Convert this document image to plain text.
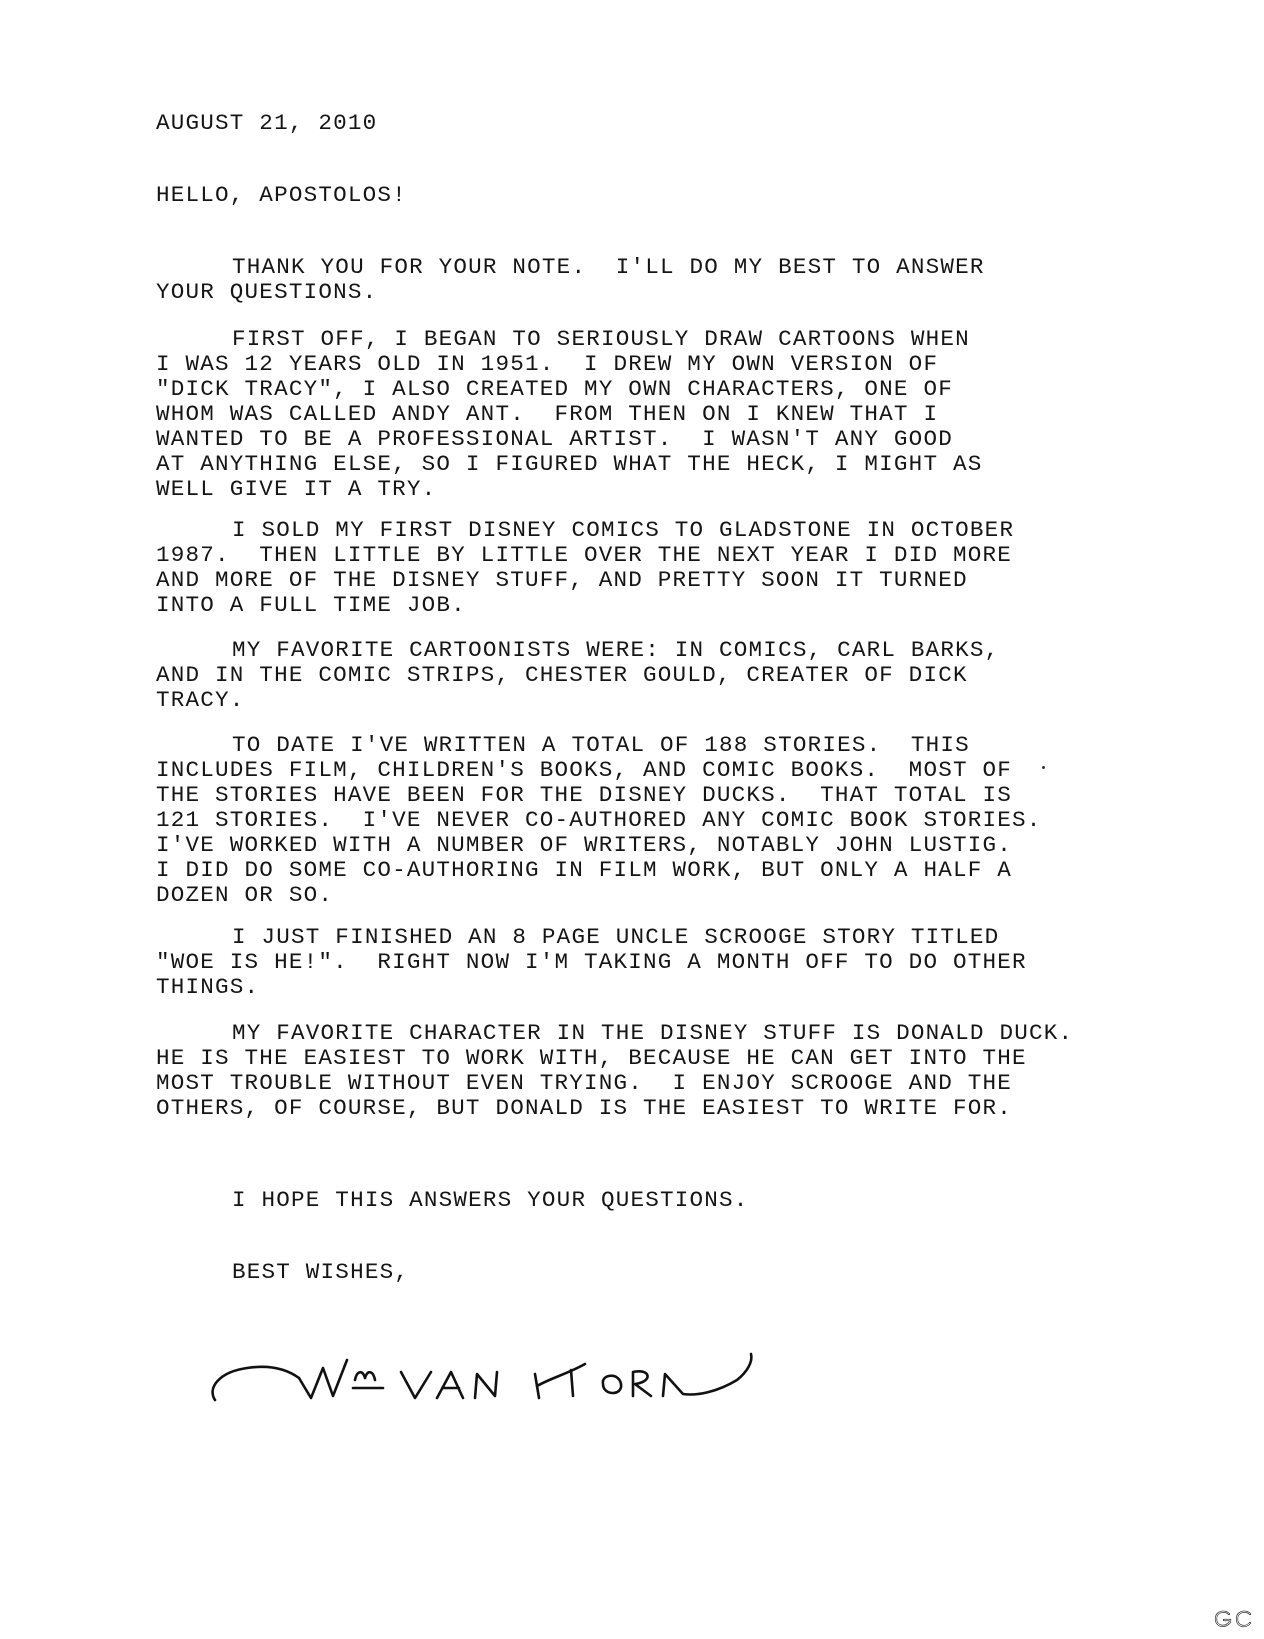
AUGUST 21, 2010

HELLO, APOSTOLOS!

THANK YOU FOR YOUR NOTE.  I'LL DO MY BEST TO ANSWER
YOUR QUESTIONS.
FIRST OFF, I BEGAN TO SERIOUSLY DRAW CARTOONS WHEN
I WAS 12 YEARS OLD IN 1951.  I DREW MY OWN VERSION OF
"DICK TRACY", I ALSO CREATED MY OWN CHARACTERS, ONE OF
WHOM WAS CALLED ANDY ANT.  FROM THEN ON I KNEW THAT I
WANTED TO BE A PROFESSIONAL ARTIST.  I WASN'T ANY GOOD
AT ANYTHING ELSE, SO I FIGURED WHAT THE HECK, I MIGHT AS
WELL GIVE IT A TRY.
I SOLD MY FIRST DISNEY COMICS TO GLADSTONE IN OCTOBER
1987.  THEN LITTLE BY LITTLE OVER THE NEXT YEAR I DID MORE
AND MORE OF THE DISNEY STUFF, AND PRETTY SOON IT TURNED
INTO A FULL TIME JOB.
MY FAVORITE CARTOONISTS WERE: IN COMICS, CARL BARKS,
AND IN THE COMIC STRIPS, CHESTER GOULD, CREATER OF DICK
TRACY.
TO DATE I'VE WRITTEN A TOTAL OF 188 STORIES.  THIS
INCLUDES FILM, CHILDREN'S BOOKS, AND COMIC BOOKS.  MOST OF
THE STORIES HAVE BEEN FOR THE DISNEY DUCKS.  THAT TOTAL IS
121 STORIES.  I'VE NEVER CO-AUTHORED ANY COMIC BOOK STORIES.
I'VE WORKED WITH A NUMBER OF WRITERS, NOTABLY JOHN LUSTIG.
I DID DO SOME CO-AUTHORING IN FILM WORK, BUT ONLY A HALF A
DOZEN OR SO.
I JUST FINISHED AN 8 PAGE UNCLE SCROOGE STORY TITLED
"WOE IS HE!".  RIGHT NOW I'M TAKING A MONTH OFF TO DO OTHER
THINGS.
MY FAVORITE CHARACTER IN THE DISNEY STUFF IS DONALD DUCK.
HE IS THE EASIEST TO WORK WITH, BECAUSE HE CAN GET INTO THE
MOST TROUBLE WITHOUT EVEN TRYING.  I ENJOY SCROOGE AND THE
OTHERS, OF COURSE, BUT DONALD IS THE EASIEST TO WRITE FOR.

I HOPE THIS ANSWERS YOUR QUESTIONS.

BEST WISHES,
